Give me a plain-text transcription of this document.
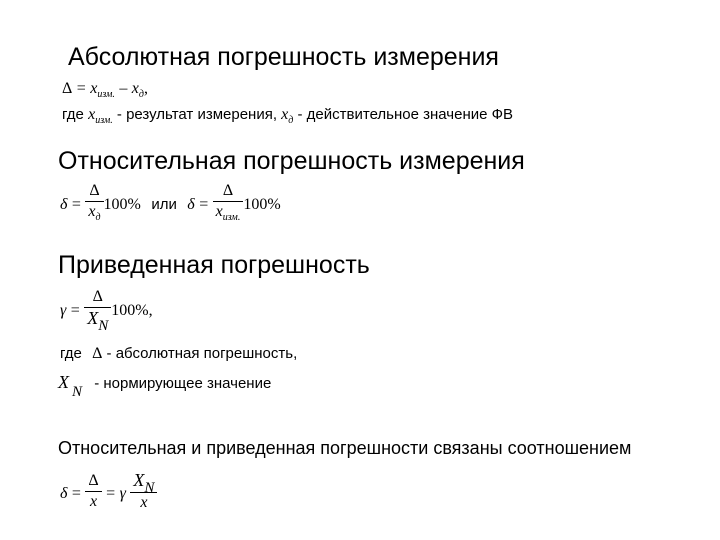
Абсолютная погрешность измерения
$\Delta = x_{изм.} - x_д$,
где $x_{изм.}$ - результат измерения, $x_д$ - действительное значение ФВ
Относительная погрешность измерения
$\delta = \frac{\Delta}{x_д} 100\%$ или $\delta = \frac{\Delta}{x_{изм.}} 100\%$
Приведенная погрешность
$\gamma = \frac{\Delta}{X_N} 100\%$,
где Δ - абсолютная погрешность,
X N - нормирующее значение
Относительная и приведенная погрешности связаны соотношением
$\delta = \frac{\Delta}{x} = \gamma \frac{X_N}{x}$
